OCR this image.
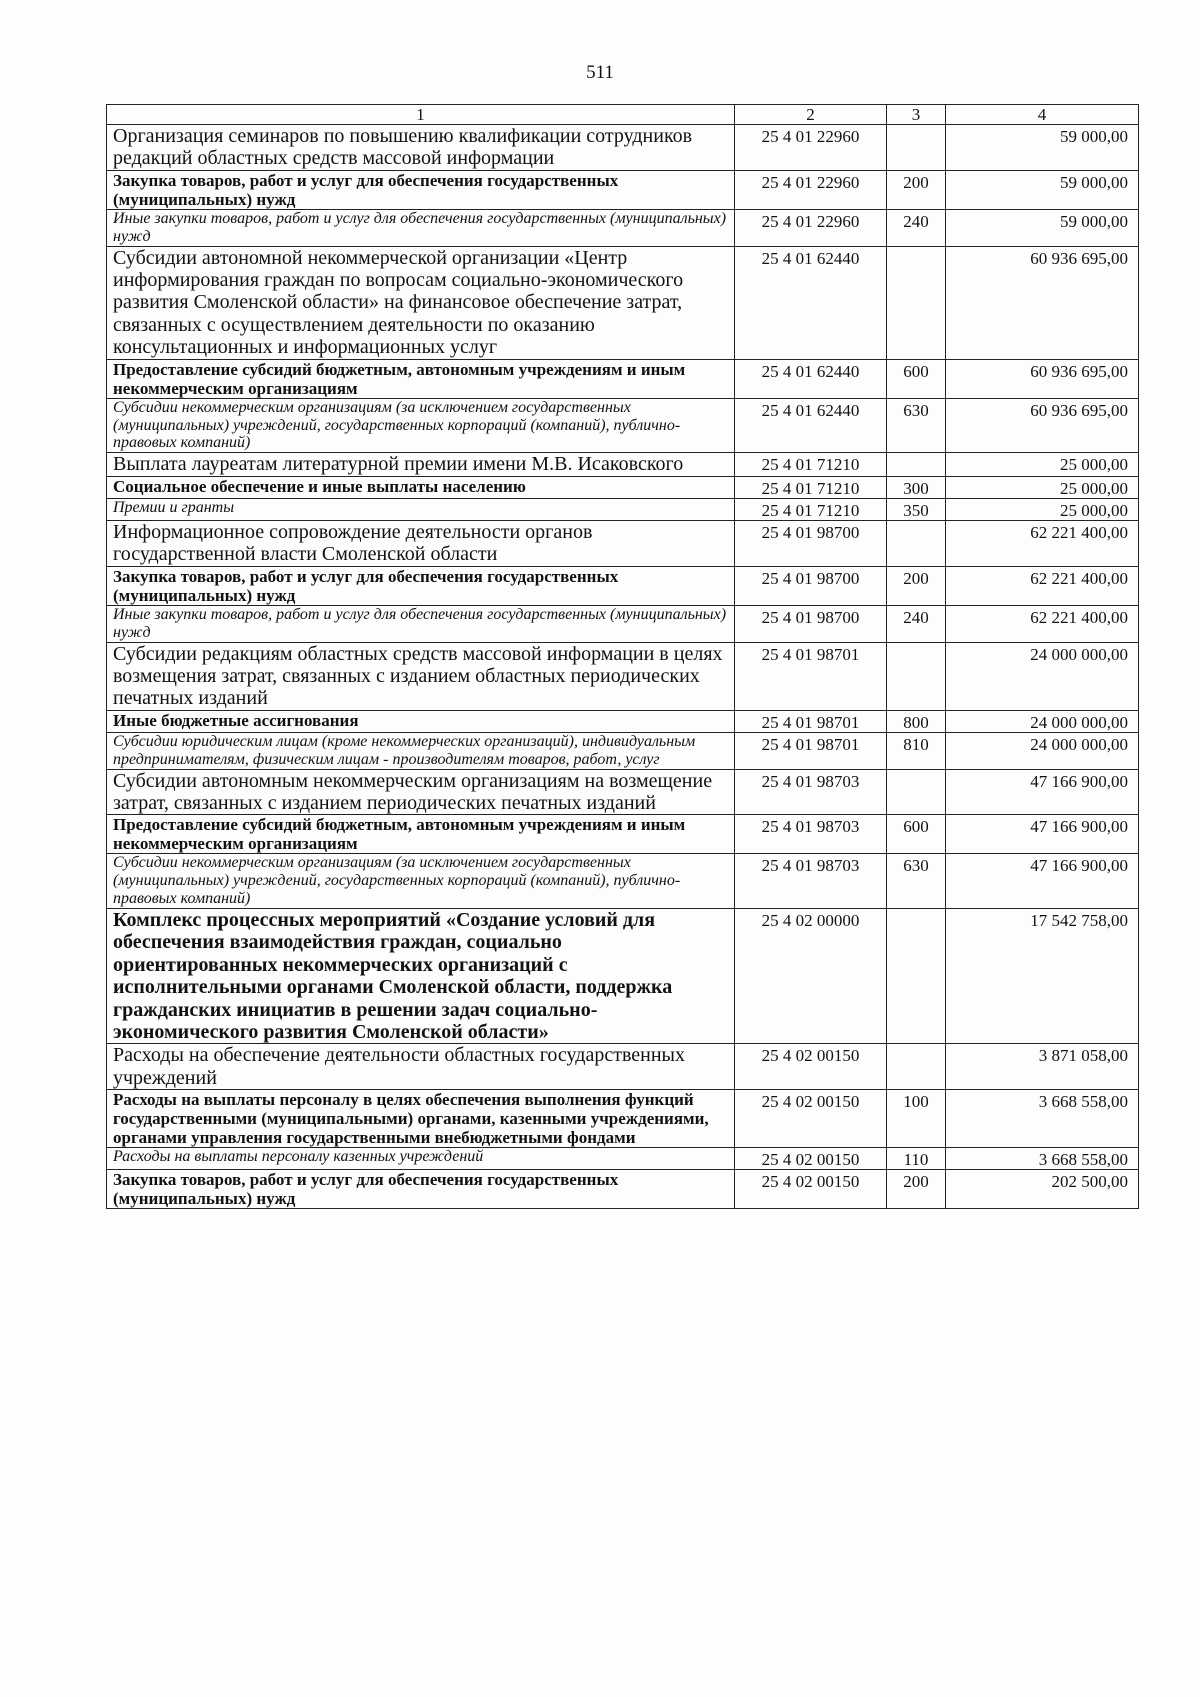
511
1	2	3	4
Организация семинаров по повышению квалификации сотрудников редакций областных средств массовой информации	25 4 01 22960		59 000,00
Закупка товаров, работ и услуг для обеспечения государственных (муниципальных) нужд	25 4 01 22960	200	59 000,00
Иные закупки товаров, работ и услуг для обеспечения государственных (муниципальных) нужд	25 4 01 22960	240	59 000,00
Субсидии автономной некоммерческой организации «Центр информирования граждан по вопросам социально-экономического развития Смоленской области» на финансовое обеспечение затрат, связанных с осуществлением деятельности по оказанию консультационных и информационных услуг	25 4 01 62440		60 936 695,00
Предоставление субсидий бюджетным, автономным учреждениям и иным некоммерческим организациям	25 4 01 62440	600	60 936 695,00
Субсидии некоммерческим организациям (за исключением государственных (муниципальных) учреждений, государственных корпораций (компаний), публично-правовых компаний)	25 4 01 62440	630	60 936 695,00
Выплата лауреатам литературной премии имени М.В. Исаковского	25 4 01 71210		25 000,00
Социальное обеспечение и иные выплаты населению	25 4 01 71210	300	25 000,00
Премии и гранты	25 4 01 71210	350	25 000,00
Информационное сопровождение деятельности органов государственной власти Смоленской области	25 4 01 98700		62 221 400,00
Закупка товаров, работ и услуг для обеспечения государственных (муниципальных) нужд	25 4 01 98700	200	62 221 400,00
Иные закупки товаров, работ и услуг для обеспечения государственных (муниципальных) нужд	25 4 01 98700	240	62 221 400,00
Субсидии редакциям областных средств массовой информации в целях возмещения затрат, связанных с изданием областных периодических печатных изданий	25 4 01 98701		24 000 000,00
Иные бюджетные ассигнования	25 4 01 98701	800	24 000 000,00
Субсидии юридическим лицам (кроме некоммерческих организаций), индивидуальным предпринимателям, физическим лицам - производителям товаров, работ, услуг	25 4 01 98701	810	24 000 000,00
Субсидии автономным некоммерческим организациям на возмещение затрат, связанных с изданием периодических печатных изданий	25 4 01 98703		47 166 900,00
Предоставление субсидий бюджетным, автономным учреждениям и иным некоммерческим организациям	25 4 01 98703	600	47 166 900,00
Субсидии некоммерческим организациям (за исключением государственных (муниципальных) учреждений, государственных корпораций (компаний), публично-правовых компаний)	25 4 01 98703	630	47 166 900,00
Комплекс процессных мероприятий «Создание условий для обеспечения взаимодействия граждан, социально ориентированных некоммерческих организаций с исполнительными органами Смоленской области, поддержка гражданских инициатив в решении задач социально-экономического развития Смоленской области»	25 4 02 00000		17 542 758,00
Расходы на обеспечение деятельности областных государственных учреждений	25 4 02 00150		3 871 058,00
Расходы на выплаты персоналу в целях обеспечения выполнения функций государственными (муниципальными) органами, казенными учреждениями, органами управления государственными внебюджетными фондами	25 4 02 00150	100	3 668 558,00
Расходы на выплаты персоналу казенных учреждений	25 4 02 00150	110	3 668 558,00
Закупка товаров, работ и услуг для обеспечения государственных (муниципальных) нужд	25 4 02 00150	200	202 500,00
